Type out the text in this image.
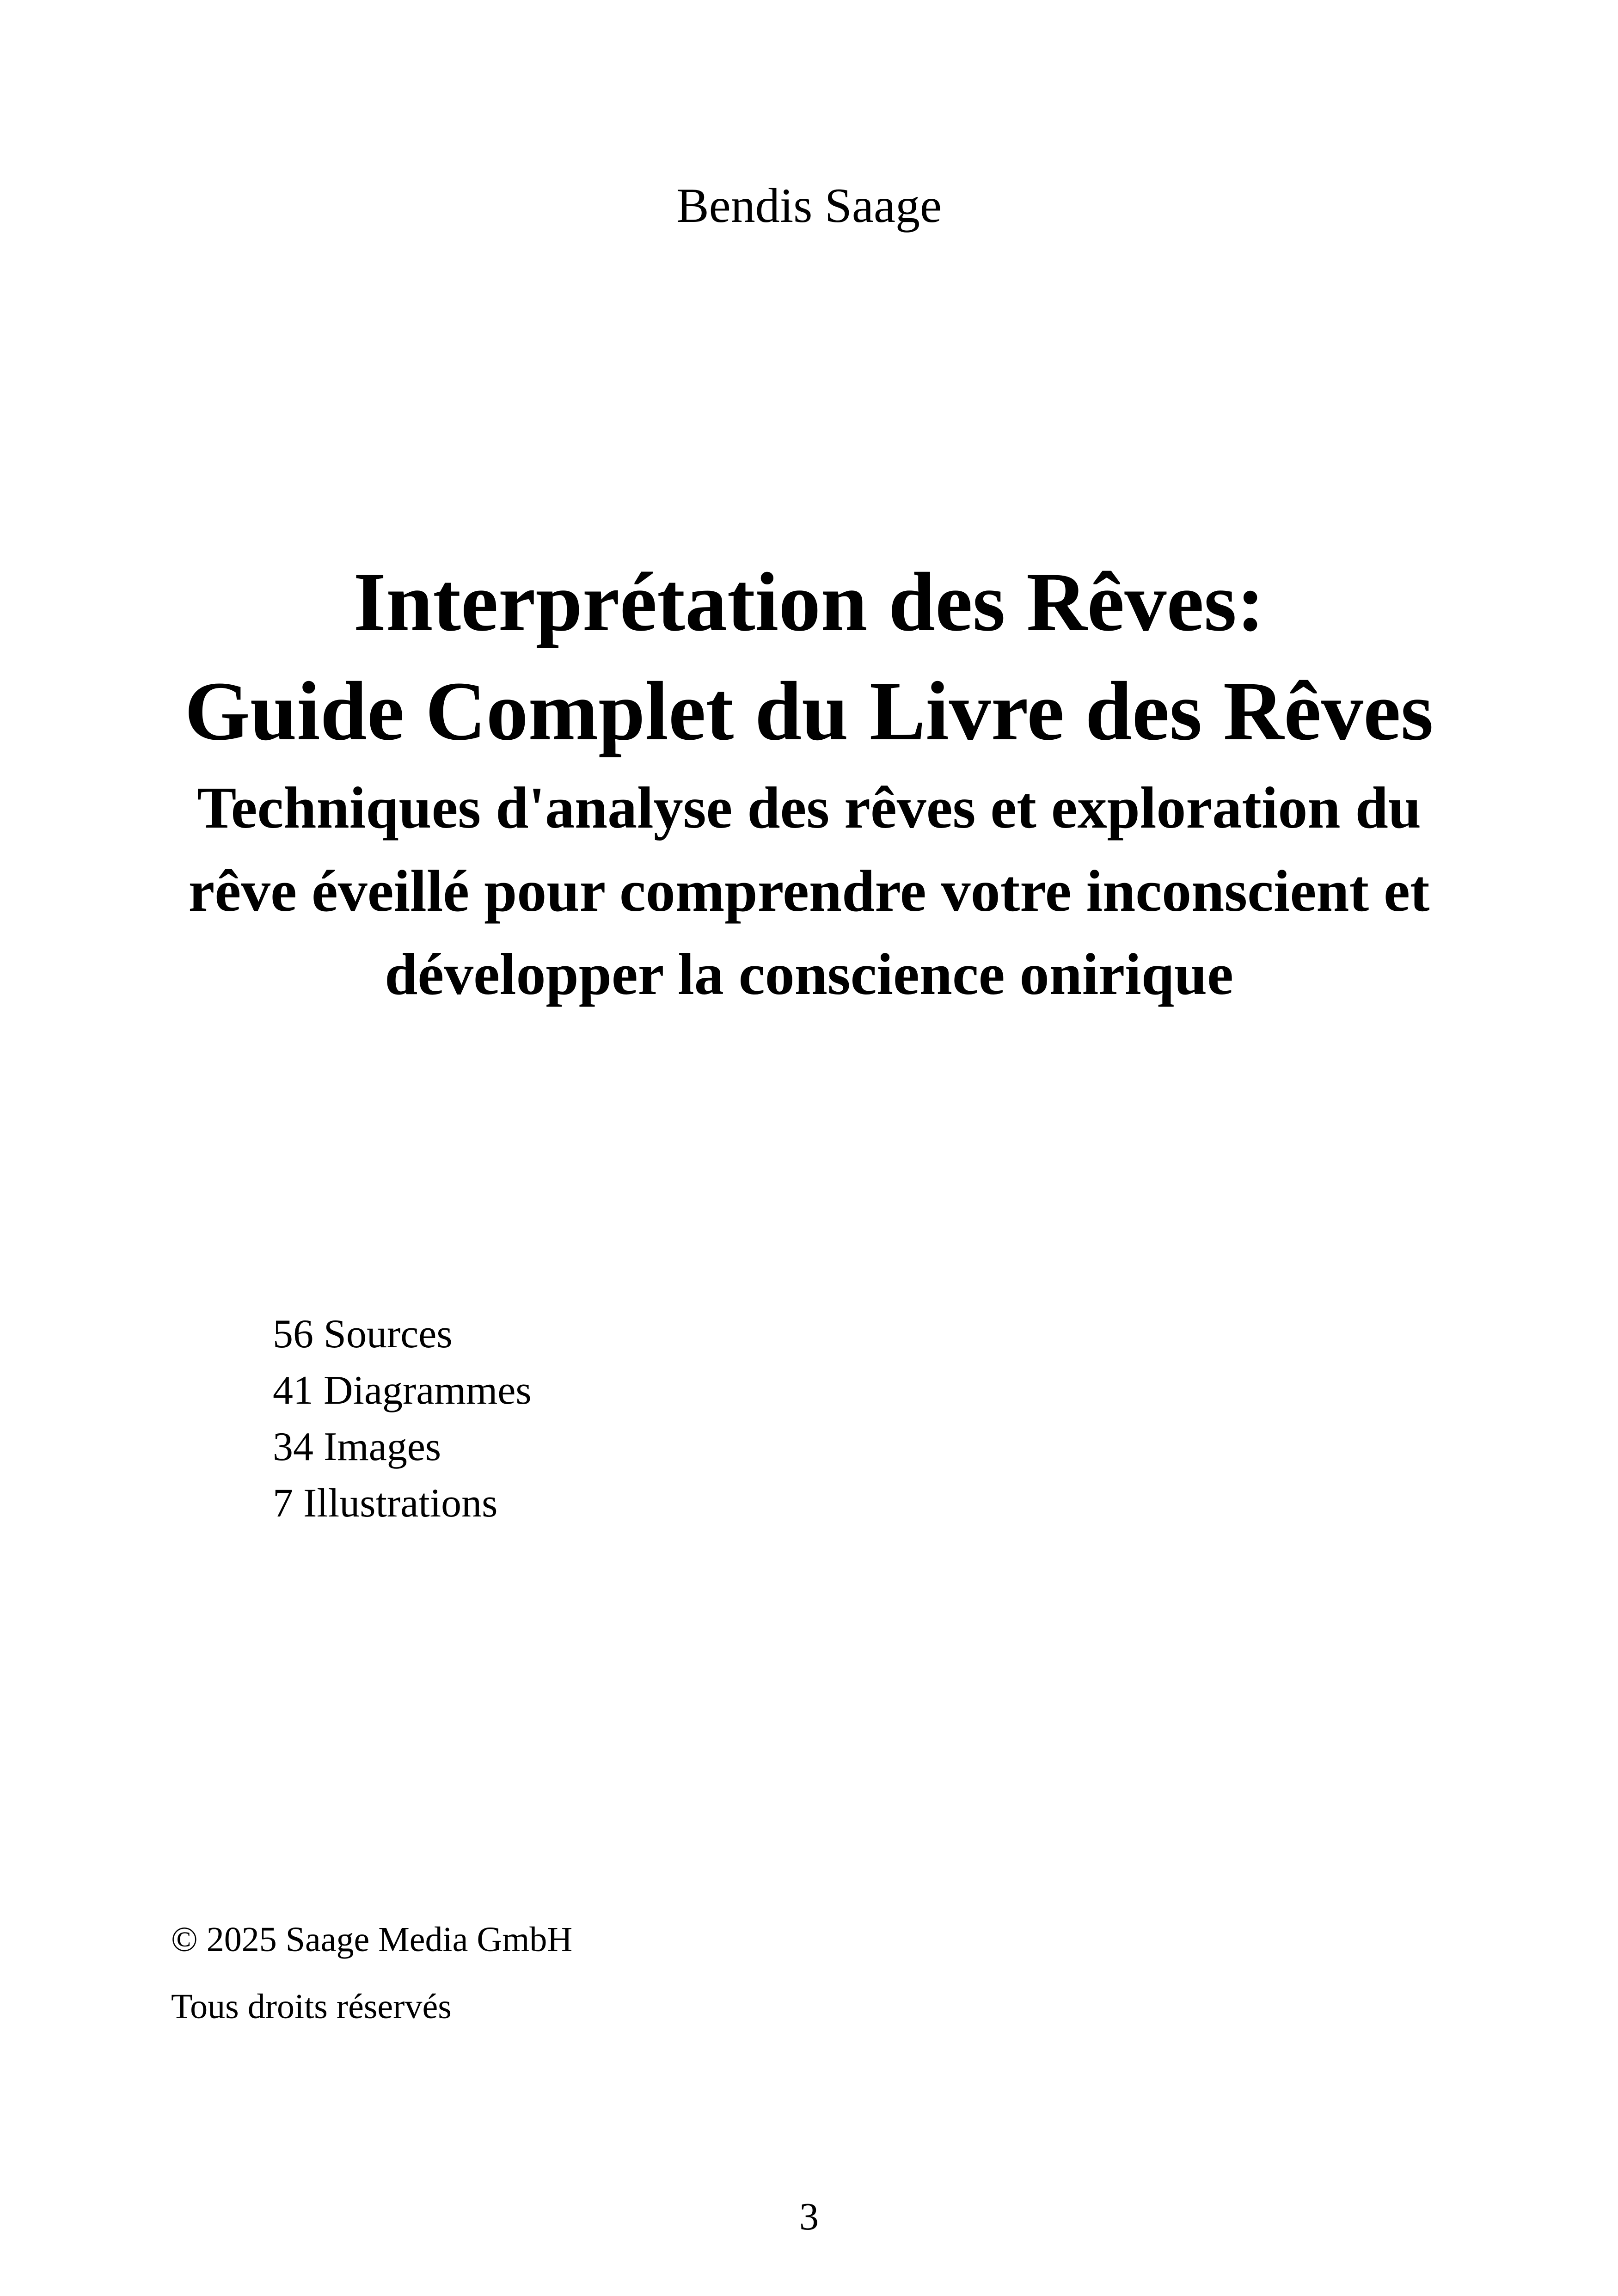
Bendis Saage
Interprétation des Rêves:
Guide Complet du Livre des Rêves
Techniques d'analyse des rêves et exploration du rêve éveillé pour comprendre votre inconscient et développer la conscience onirique
56 Sources
41 Diagrammes
34 Images
7 Illustrations
© 2025 Saage Media GmbH
Tous droits réservés
3
